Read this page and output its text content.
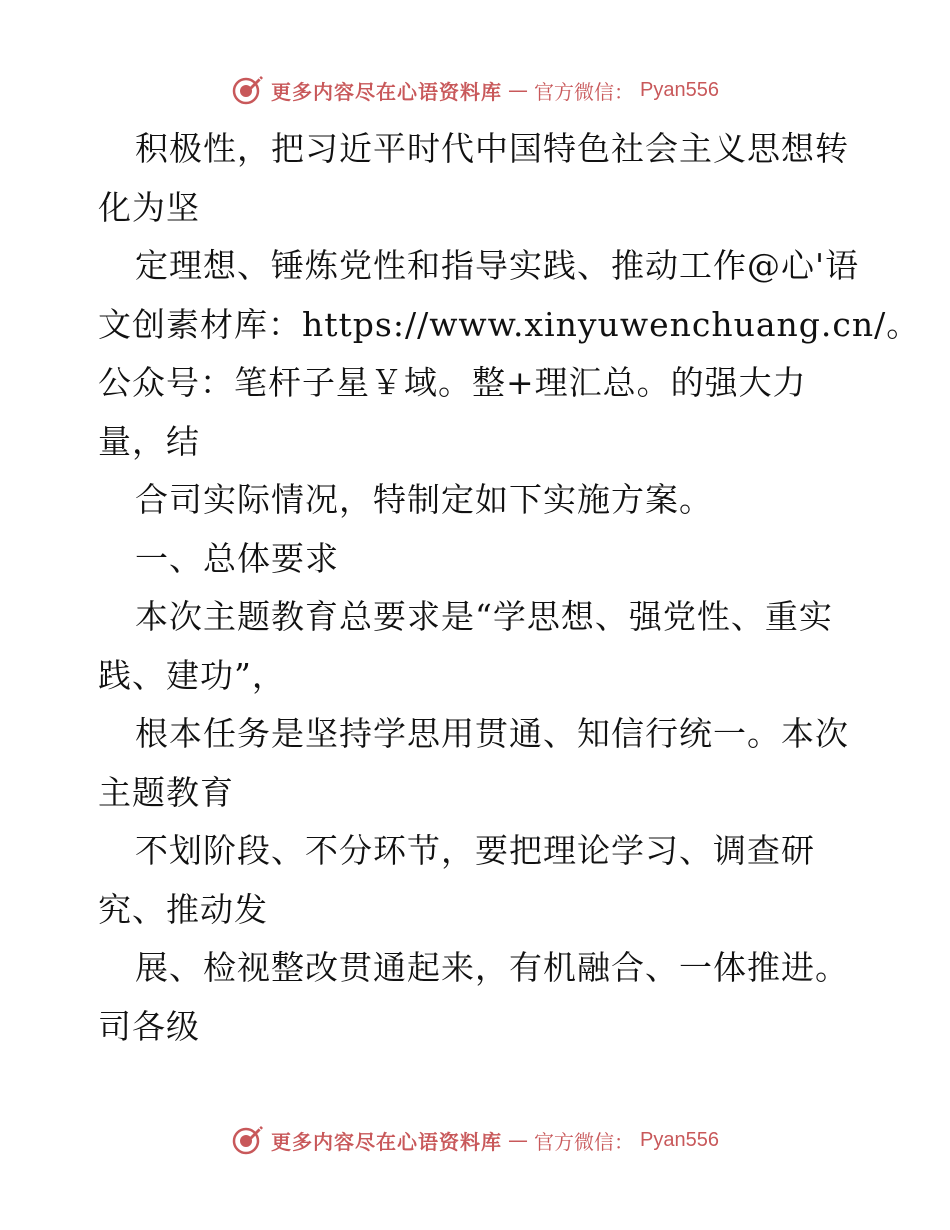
更多内容尽在心语资料库 — 官方微信： Pyan556
积极性，把习近平时代中国特色社会主义思想转
化为坚
定理想、锤炼党性和指导实践、推动工作@心'语
文创素材库：https://www.xinyuwenchuang.cn/。
公众号：笔杆子星￥域。整+理汇总。的强大力
量，结
合司实际情况，特制定如下实施方案。
一、总体要求
本次主题教育总要求是“学思想、强党性、重实
践、建功”，
根本任务是坚持学思用贯通、知信行统一。本次
主题教育
不划阶段、不分环节，要把理论学习、调查研
究、推动发
展、检视整改贯通起来，有机融合、一体推进。
司各级
更多内容尽在心语资料库 — 官方微信： Pyan556
